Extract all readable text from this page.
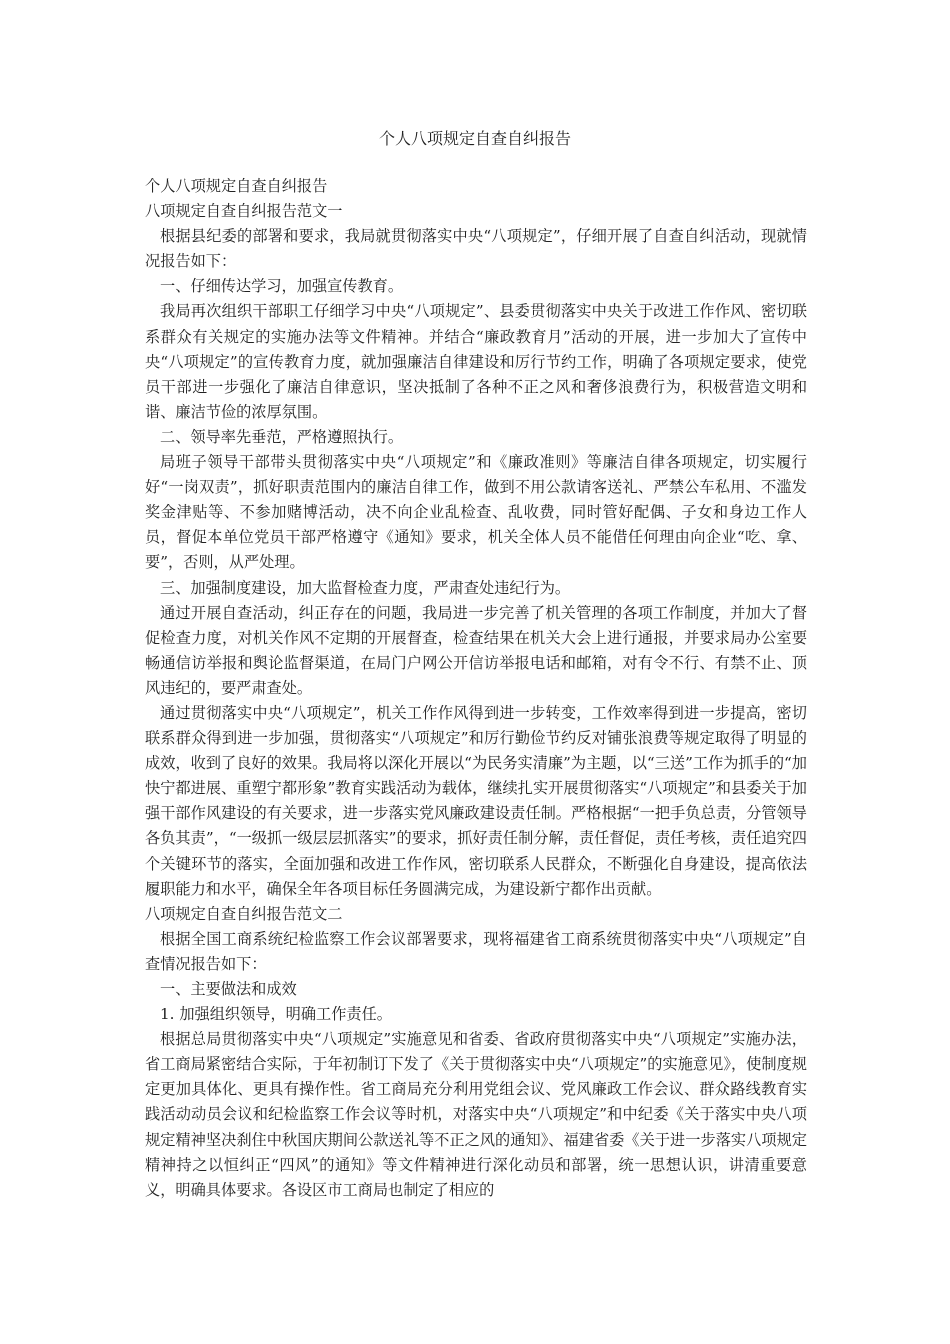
个人八项规定自查自纠报告

个人八项规定自查自纠报告

八项规定自查自纠报告范文一

根据县纪委的部署和要求，我局就贯彻落实中央“八项规定”，仔细开展了自查自纠活动，现就情况报告如下：

一、仔细传达学习，加强宣传教育。

我局再次组织干部职工仔细学习中央“八项规定”、县委贯彻落实中央关于改进工作作风、密切联系群众有关规定的实施办法等文件精神。并结合“廉政教育月”活动的开展，进一步加大了宣传中央“八项规定”的宣传教育力度，就加强廉洁自律建设和厉行节约工作，明确了各项规定要求，使党员干部进一步强化了廉洁自律意识，坚决抵制了各种不正之风和奢侈浪费行为，积极营造文明和谐、廉洁节俭的浓厚氛围。

二、领导率先垂范，严格遵照执行。

局班子领导干部带头贯彻落实中央“八项规定”和《廉政准则》等廉洁自律各项规定，切实履行好“一岗双责”，抓好职责范围内的廉洁自律工作，做到不用公款请客送礼、严禁公车私用、不滥发奖金津贴等、不参加赌博活动，决不向企业乱检查、乱收费，同时管好配偶、子女和身边工作人员，督促本单位党员干部严格遵守《通知》要求，机关全体人员不能借任何理由向企业“吃、拿、要”，否则，从严处理。

三、加强制度建设，加大监督检查力度，严肃查处违纪行为。

通过开展自查活动，纠正存在的问题，我局进一步完善了机关管理的各项工作制度，并加大了督促检查力度，对机关作风不定期的开展督查，检查结果在机关大会上进行通报，并要求局办公室要畅通信访举报和舆论监督渠道，在局门户网公开信访举报电话和邮箱，对有令不行、有禁不止、顶风违纪的，要严肃查处。

通过贯彻落实中央“八项规定”，机关工作作风得到进一步转变，工作效率得到进一步提高，密切联系群众得到进一步加强，贯彻落实“八项规定”和厉行勤俭节约反对铺张浪费等规定取得了明显的成效，收到了良好的效果。我局将以深化开展以“为民务实清廉”为主题，以“三送”工作为抓手的“加快宁都进展、重塑宁都形象”教育实践活动为载体，继续扎实开展贯彻落实“八项规定”和县委关于加强干部作风建设的有关要求，进一步落实党风廉政建设责任制。严格根据“一把手负总责，分管领导各负其责”，“一级抓一级层层抓落实”的要求，抓好责任制分解，责任督促，责任考核，责任追究四个关键环节的落实，全面加强和改进工作作风，密切联系人民群众，不断强化自身建设，提高依法履职能力和水平，确保全年各项目标任务圆满完成，为建设新宁都作出贡献。

八项规定自查自纠报告范文二

根据全国工商系统纪检监察工作会议部署要求，现将福建省工商系统贯彻落实中央“八项规定”自查情况报告如下：

一、主要做法和成效

1. 加强组织领导，明确工作责任。

根据总局贯彻落实中央“八项规定”实施意见和省委、省政府贯彻落实中央“八项规定”实施办法，省工商局紧密结合实际，于年初制订下发了《关于贯彻落实中央“八项规定”的实施意见》，使制度规定更加具体化、更具有操作性。省工商局充分利用党组会议、党风廉政工作会议、群众路线教育实践活动动员会议和纪检监察工作会议等时机，对落实中央“八项规定”和中纪委《关于落实中央八项规定精神坚决刹住中秋国庆期间公款送礼等不正之风的通知》、福建省委《关于进一步落实八项规定精神持之以恒纠正“四风”的通知》等文件精神进行深化动员和部署，统一思想认识，讲清重要意义，明确具体要求。各设区市工商局也制定了相应的
